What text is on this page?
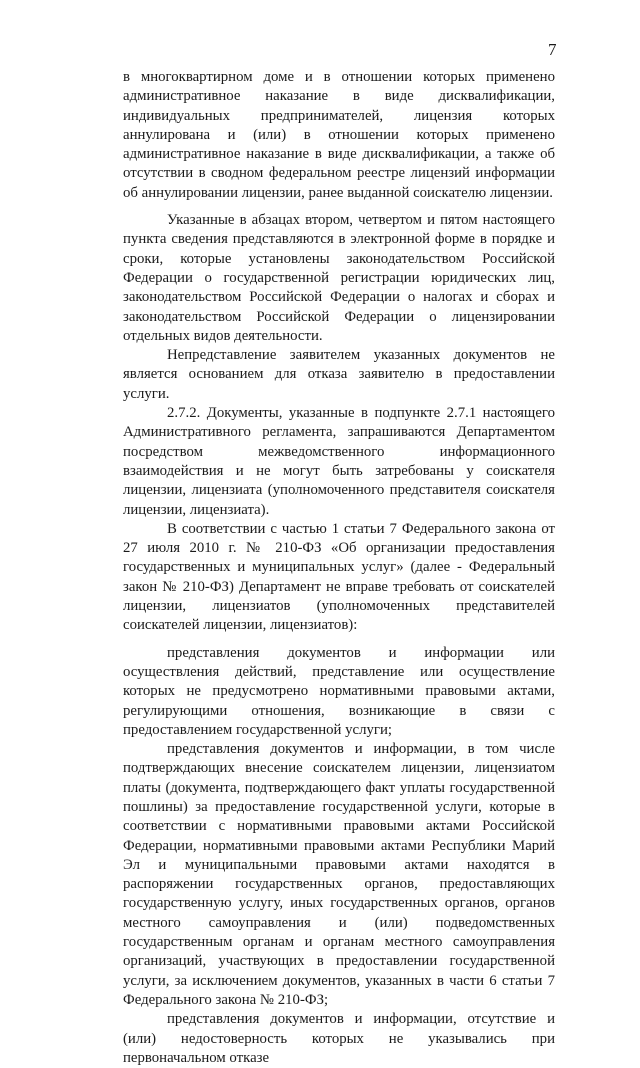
7

в многоквартирном доме и в отношении которых применено административное наказание в виде дисквалификации, индивидуальных предпринимателей, лицензия которых аннулирована и (или) в отношении которых применено административное наказание в виде дисквалификации, а также об отсутствии в сводном федеральном реестре лицензий информации об аннулировании лицензии, ранее выданной соискателю лицензии.

Указанные в абзацах втором, четвертом и пятом настоящего пункта сведения представляются в электронной форме в порядке и сроки, которые установлены законодательством Российской Федерации о государственной регистрации юридических лиц, законодательством Российской Федерации о налогах и сборах и законодательством Российской Федерации о лицензировании отдельных видов деятельности.

Непредставление заявителем указанных документов не является основанием для отказа заявителю в предоставлении услуги.

2.7.2. Документы, указанные в подпункте 2.7.1 настоящего Административного регламента, запрашиваются Департаментом посредством межведомственного информационного взаимодействия и не могут быть затребованы у соискателя лицензии, лицензиата (уполномоченного представителя соискателя лицензии, лицензиата).

В соответствии с частью 1 статьи 7 Федерального закона от 27 июля 2010 г. № 210-ФЗ «Об организации предоставления государственных и муниципальных услуг» (далее - Федеральный закон № 210-ФЗ) Департамент не вправе требовать от соискателей лицензии, лицензиатов (уполномоченных представителей соискателей лицензии, лицензиатов):

представления документов и информации или осуществления действий, представление или осуществление которых не предусмотрено нормативными правовыми актами, регулирующими отношения, возникающие в связи с предоставлением государственной услуги;

представления документов и информации, в том числе подтверждающих внесение соискателем лицензии, лицензиатом платы (документа, подтверждающего факт уплаты государственной пошлины) за предоставление государственной услуги, которые в соответствии с нормативными правовыми актами Российской Федерации, нормативными правовыми актами Республики Марий Эл и муниципальными правовыми актами находятся в распоряжении государственных органов, предоставляющих государственную услугу, иных государственных органов, органов местного самоуправления и (или) подведомственных государственным органам и органам местного самоуправления организаций, участвующих в предоставлении государственной услуги, за исключением документов, указанных в части 6 статьи 7 Федерального закона № 210-ФЗ;

представления документов и информации, отсутствие и (или) недостоверность которых не указывались при первоначальном отказе
